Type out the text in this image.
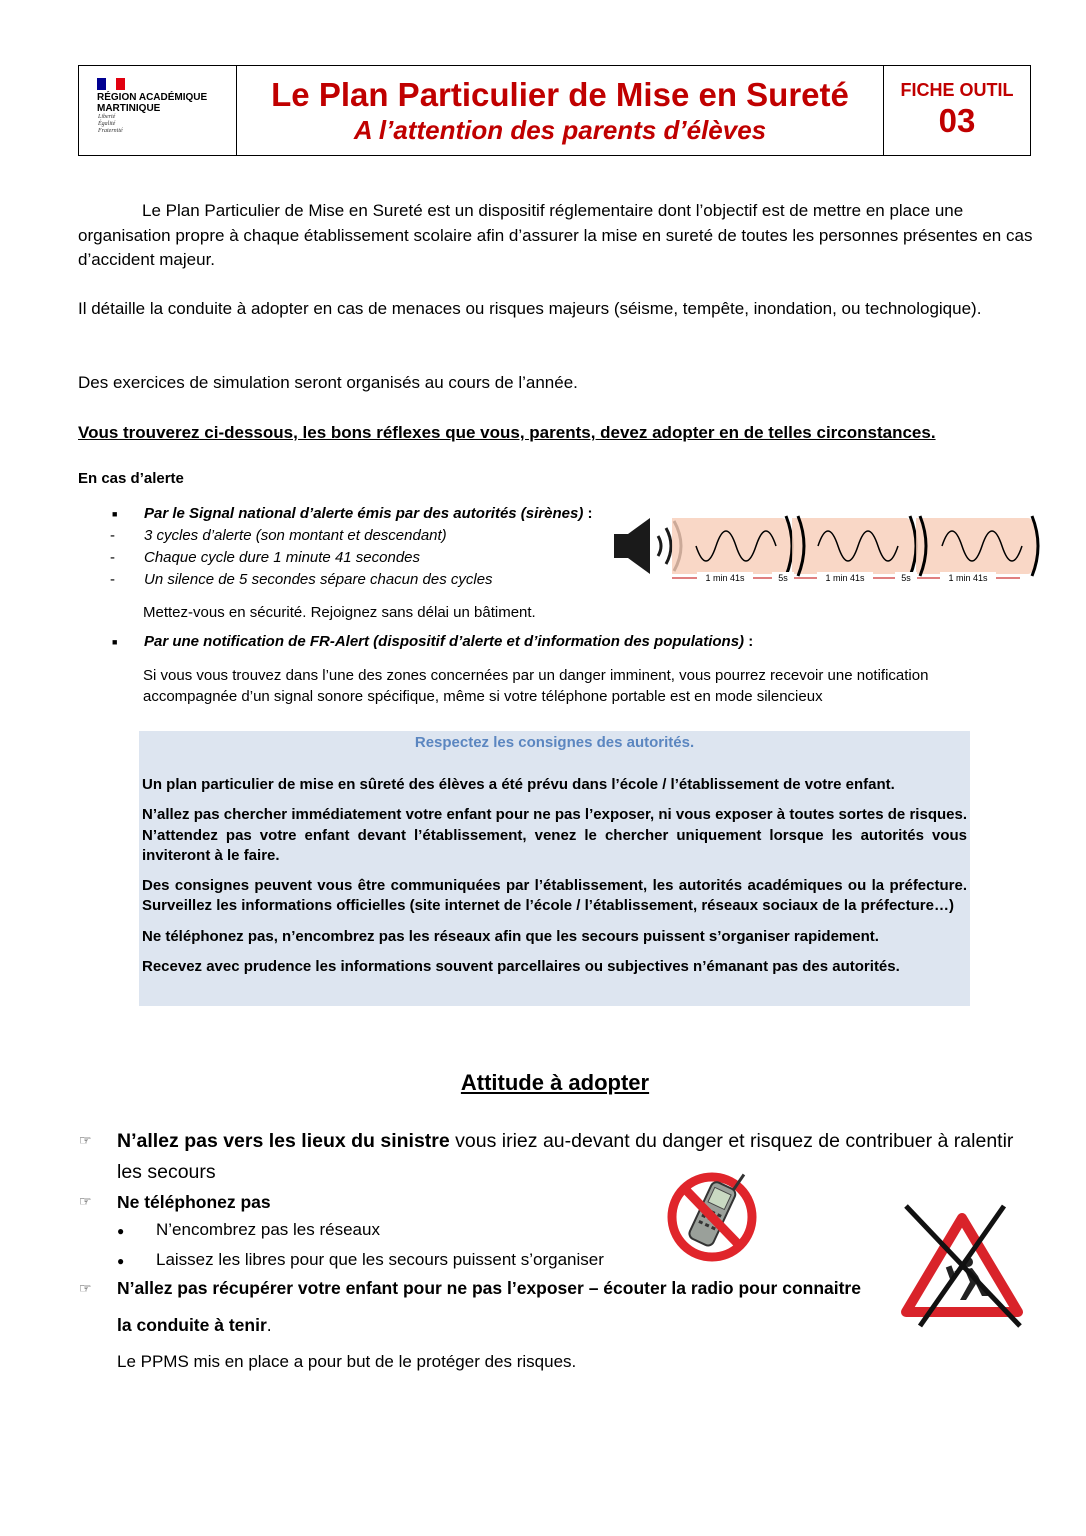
RÉGION ACADÉMIQUE
MARTINIQUE
Liberté
Égalité
Fraternité
Le Plan Particulier de Mise en Sureté
A l’attention des parents d’élèves
FICHE OUTIL
03
Le Plan Particulier de Mise en Sureté est un dispositif réglementaire dont l’objectif est de mettre en place une organisation propre à chaque établissement scolaire afin d’assurer la mise en sureté de toutes les personnes présentes en cas d’accident majeur.
Il détaille la conduite à adopter en cas de menaces ou risques majeurs (séisme, tempête, inondation, ou technologique).
Des exercices de simulation seront organisés au cours de l’année.
Vous trouverez ci-dessous, les bons réflexes que vous, parents, devez adopter en de telles circonstances.
En cas d’alerte
■ Par le Signal national d’alerte émis par des autorités (sirènes) :
- 3 cycles d’alerte (son montant et descendant)
- Chaque cycle dure 1 minute 41 secondes
- Un silence de 5 secondes sépare chacun des cycles
Mettez-vous en sécurité. Rejoignez sans délai un bâtiment.
■ Par une notification de FR-Alert (dispositif d’alerte et d’information des populations) :
Si vous vous trouvez dans l’une des zones concernées par un danger imminent, vous pourrez recevoir une notification accompagnée d’un signal sonore spécifique, même si votre téléphone portable est en mode silencieux
1 min 41s	5s	1 min 41s	5s	1 min 41s
Respectez les consignes des autorités.
Un plan particulier de mise en sûreté des élèves a été prévu dans l’école / l’établissement de votre enfant.
N’allez pas chercher immédiatement votre enfant pour ne pas l’exposer, ni vous exposer à toutes sortes de risques. N’attendez pas votre enfant devant l’établissement, venez le chercher uniquement lorsque les autorités vous inviteront à le faire.
Des consignes peuvent vous être communiquées par l’établissement, les autorités académiques ou la préfecture. Surveillez les informations officielles (site internet de l’école / l’établissement, réseaux sociaux de la préfecture…)
Ne téléphonez pas, n’encombrez pas les réseaux afin que les secours puissent s’organiser rapidement.
Recevez avec prudence les informations souvent parcellaires ou subjectives n’émanant pas des autorités.
Attitude à adopter
☞ N’allez pas vers les lieux du sinistre vous iriez au-devant du danger et risquez de contribuer à ralentir
les secours
☞ Ne téléphonez pas
● N’encombrez pas les réseaux
● Laissez les libres pour que les secours puissent s’organiser
☞ N’allez pas récupérer votre enfant pour ne pas l’exposer – écouter la radio pour connaitre
la conduite à tenir.
Le PPMS mis en place a pour but de le protéger des risques.
